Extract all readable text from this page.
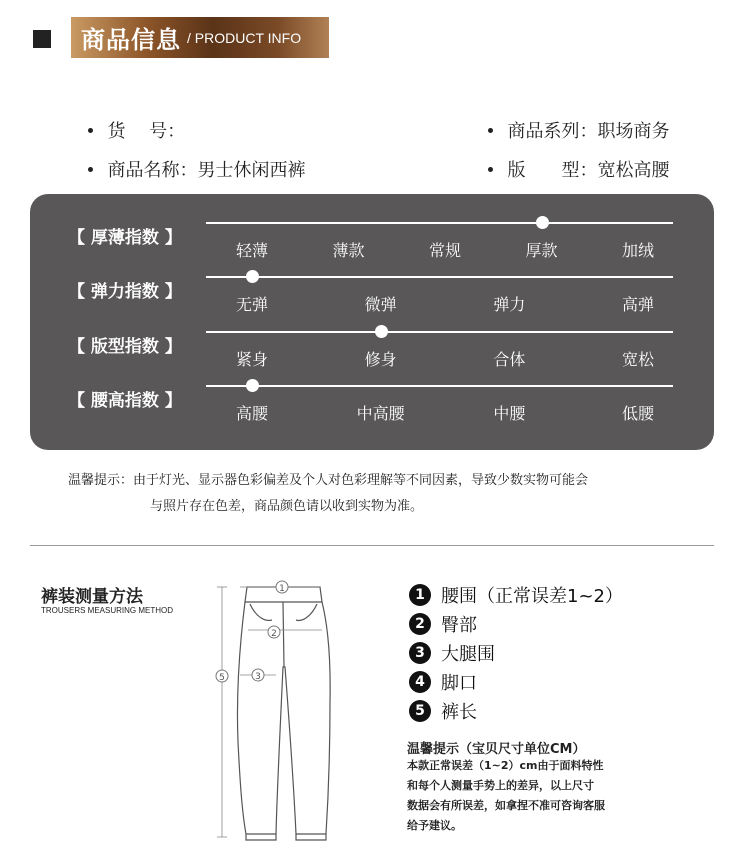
商品信息 / PRODUCT INFO

货　 号：	商品系列：职场商务

商品名称：男士休闲西裤	版　　型：宽松高腰

【 厚薄指数 】
轻薄	薄款	常规	厚款	加绒
【 弹力指数 】
无弹	微弹	弹力	高弹
【 版型指数 】
紧身	修身	合体	宽松
【 腰高指数 】
高腰	中高腰	中腰	低腰
温馨提示：由于灯光、显示器色彩偏差及个人对色彩理解等不同因素，导致少数实物可能会
与照片存在色差，商品颜色请以收到实物为准。
裤装测量方法
TROUSERS MEASURING METHOD
1
2
3
5
1 腰围（正常误差1~2）
2 臀部
3 大腿围
4 脚口
5 裤长
温馨提示（宝贝尺寸单位CM）
本款正常误差（1~2）cm由于面料特性
和每个人测量手势上的差异，以上尺寸
数据会有所误差，如拿捏不准可咨询客服
给予建议。
